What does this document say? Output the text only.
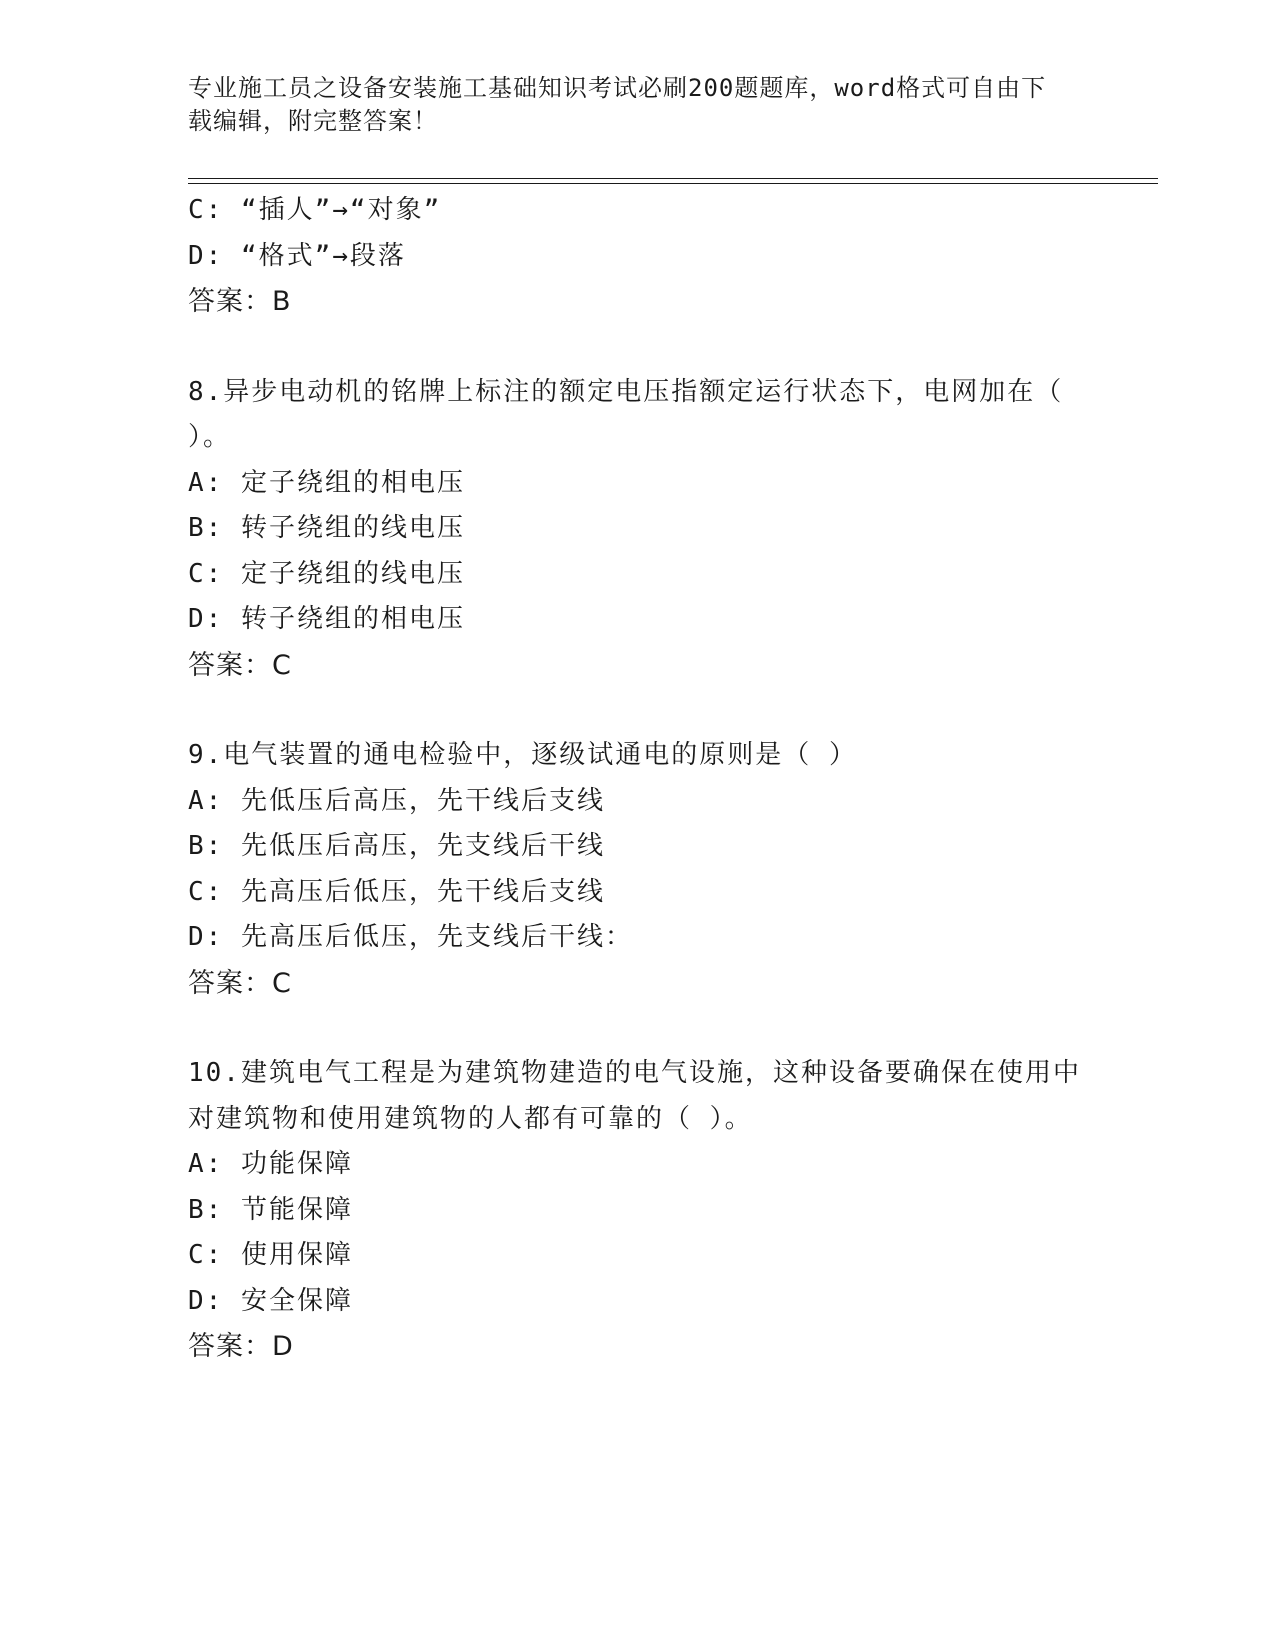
专业施工员之设备安装施工基础知识考试必刷200题题库，word格式可自由下载编辑，附完整答案！
C: “插人”→“对象”
D: “格式”→段落
答案：B
8.异步电动机的铭牌上标注的额定电压指额定运行状态下，电网加在（ ）。
A: 定子绕组的相电压
B: 转子绕组的线电压
C: 定子绕组的线电压
D: 转子绕组的相电压
答案：C
9.电气装置的通电检验中，逐级试通电的原则是（ ）
A: 先低压后高压，先干线后支线
B: 先低压后高压，先支线后干线
C: 先高压后低压，先干线后支线
D: 先高压后低压，先支线后干线：
答案：C
10.建筑电气工程是为建筑物建造的电气设施，这种设备要确保在使用中对建筑物和使用建筑物的人都有可靠的（ ）。
A: 功能保障
B: 节能保障
C: 使用保障
D: 安全保障
答案：D
